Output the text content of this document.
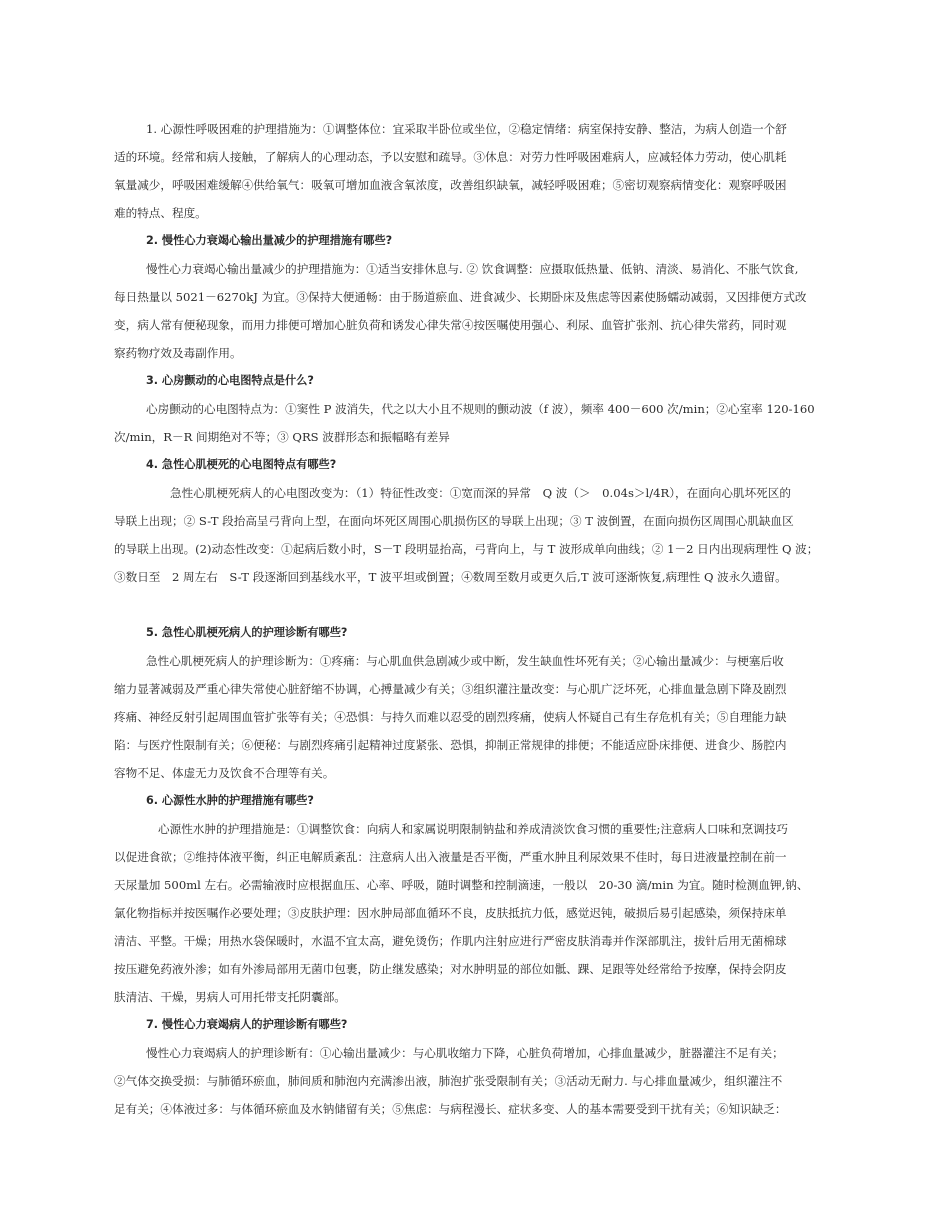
1. 心源性呼吸困难的护理措施为：①调整体位：宜采取半卧位或坐位，②稳定情绪：病室保持安静、整洁，为病人创造一个舒
适的环境。经常和病人接触，了解病人的心理动态，予以安慰和疏导。③休息：对劳力性呼吸困难病人，应减轻体力劳动，使心肌耗
氧量减少，呼吸困难缓解④供给氧气：吸氧可增加血液含氧浓度，改善组织缺氧，减轻呼吸困难；⑤密切观察病情变化：观察呼吸困
难的特点、程度。
2. 慢性心力衰竭心输出量减少的护理措施有哪些?
慢性心力衰竭心输出量减少的护理措施为：①适当安排休息与. ② 饮食调整：应摄取低热量、低钠、清淡、易消化、不胀气饮食,
每日热量以 5021－6270kJ 为宜。③保持大便通畅：由于肠道瘀血、进食减少、长期卧床及焦虑等因素使肠蠕动减弱，又因排便方式改
变，病人常有便秘现象，而用力排便可增加心脏负荷和诱发心律失常④按医嘱使用强心、利尿、血管扩张剂、抗心律失常药，同时观
察药物疗效及毒副作用。
3. 心房颤动的心电图特点是什么?
心房颤动的心电图特点为：①窦性 P 波消失，代之以大小且不规则的颤动波（f 波），频率 400－600 次/min；②心室率 120-160
次/min，R－R 间期绝对不等；③ QRS 波群形态和振幅略有差异
4. 急性心肌梗死的心电图特点有哪些?
急性心肌梗死病人的心电图改变为：（1）特征性改变：①宽而深的异常　Q 波（＞　0.04s＞l/4R），在面向心肌坏死区的
导联上出现；② S-T 段抬高呈弓背向上型，在面向坏死区周围心肌损伤区的导联上出现；③ T 波倒置，在面向损伤区周围心肌缺血区
的导联上出现。(2)动态性改变：①起病后数小时，S－T 段明显抬高，弓背向上，与 T 波形成单向曲线；② 1－2 日内出现病理性 Q 波；
③数日至　2 周左右　S-T 段逐渐回到基线水平，T 波平坦或倒置；④数周至数月或更久后,T 波可逐渐恢复,病理性 Q 波永久遗留。
5. 急性心肌梗死病人的护理诊断有哪些?
急性心肌梗死病人的护理诊断为：①疼痛：与心肌血供急剧减少或中断，发生缺血性坏死有关；②心输出量减少：与梗塞后收
缩力显著减弱及严重心律失常使心脏舒缩不协调，心搏量减少有关；③组织灌注量改变：与心肌广泛坏死，心排血量急剧下降及剧烈
疼痛、神经反射引起周围血管扩张等有关；④恐惧：与持久而难以忍受的剧烈疼痛，使病人怀疑自己有生存危机有关；⑤自理能力缺
陷：与医疗性限制有关；⑥便秘：与剧烈疼痛引起精神过度紧张、恐惧，抑制正常规律的排便；不能适应卧床排便、进食少、肠腔内
容物不足、体虚无力及饮食不合理等有关。
6. 心源性水肿的护理措施有哪些?
心源性水肿的护理措施是：①调整饮食：向病人和家属说明限制钠盐和养成清淡饮食习惯的重要性;注意病人口味和烹调技巧
以促进食欲；②维持体液平衡，纠正电解质紊乱：注意病人出入液量是否平衡，严重水肿且利尿效果不佳时，每日进液量控制在前一
天尿量加 500ml 左右。必需输液时应根据血压、心率、呼吸，随时调整和控制滴速，一般以　20-30 滴/min 为宜。随时检测血钾,钠、
氯化物指标并按医嘱作必要处理；③皮肤护理：因水肿局部血循环不良，皮肤抵抗力低，感觉迟钝，破损后易引起感染，须保持床单
清洁、平整。干燥；用热水袋保暖时，水温不宜太高，避免烫伤；作肌内注射应进行严密皮肤消毒并作深部肌注，拔针后用无菌棉球
按压避免药液外渗；如有外渗局部用无菌巾包裹，防止继发感染；对水肿明显的部位如骶、踝、足跟等处经常给予按摩，保持会阴皮
肤清洁、干燥，男病人可用托带支托阴囊部。
7. 慢性心力衰竭病人的护理诊断有哪些?
慢性心力衰竭病人的护理诊断有：①心输出量减少：与心肌收缩力下降，心脏负荷增加，心排血量减少，脏器灌注不足有关；
②气体交换受损：与肺循环瘀血，肺间质和肺泡内充满渗出液，肺泡扩张受限制有关；③活动无耐力. 与心排血量减少，组织灌注不
足有关；④体液过多：与体循环瘀血及水钠储留有关；⑤焦虑：与病程漫长、症状多变、人的基本需要受到干扰有关；⑥知识缺乏：
